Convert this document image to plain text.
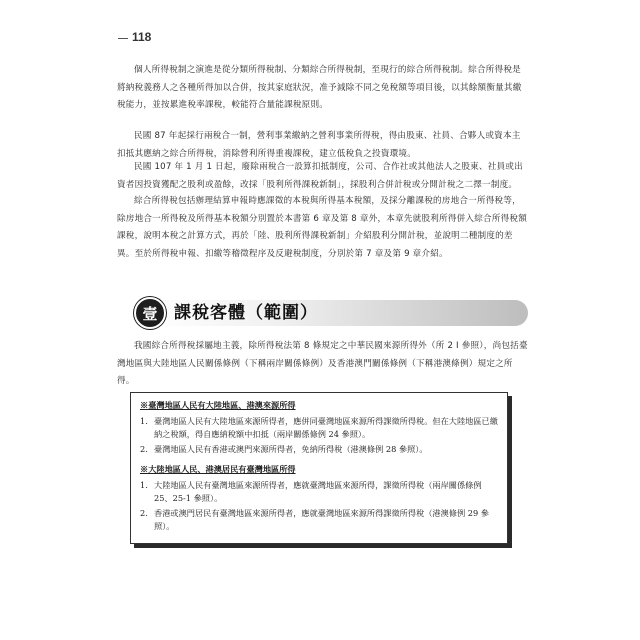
118

個人所得稅制之演進是從分類所得稅制、分類綜合所得稅制，至現行的綜合所得稅制。綜合所得稅是將納稅義務人之各種所得加以合併，按其家庭狀況，准予減除不同之免稅額等項目後，以其餘額衡量其繳稅能力，並按累進稅率課稅，較能符合量能課稅原則。

民國 87 年起採行兩稅合一制，營利事業繳納之營利事業所得稅，得由股東、社員、合夥人或資本主扣抵其應納之綜合所得稅，消除營利所得重複課稅，建立低稅負之投資環境。

民國 107 年 1 月 1 日起，廢除兩稅合一設算扣抵制度，公司、合作社或其他法人之股東、社員或出資者因投資獲配之股利或盈餘，改採「股利所得課稅新制」，採股利合併計稅或分開計稅之二擇一制度。

綜合所得稅包括辦理結算申報時應課徵的本稅與所得基本稅額，及採分離課稅的房地合一所得稅等，除房地合一所得稅及所得基本稅額分別置於本書第 6 章及第 8 章外，本章先就股利所得併入綜合所得稅額課稅，說明本稅之計算方式，再於「陸、股利所得課稅新制」介紹股利分開計稅，並說明二種制度的差異。至於所得稅申報、扣繳等稽徵程序及反避稅制度，分別於第 7 章及第 9 章介紹。

壹 課稅客體（範圍）

我國綜合所得稅採屬地主義，除所得稅法第 8 條規定之中華民國來源所得外（所 2 Ⅰ 參照），尚包括臺灣地區與大陸地區人民關係條例（下稱兩岸關係條例）及香港澳門關係條例（下稱港澳條例）規定之所得。

※臺灣地區人民有大陸地區、港澳來源所得
1. 臺灣地區人民有大陸地區來源所得者，應併同臺灣地區來源所得課徵所得稅。但在大陸地區已繳納之稅額，得自應納稅額中扣抵（兩岸關係條例 24 參照）。
2. 臺灣地區人民有香港或澳門來源所得者，免納所得稅（港澳條例 28 參照）。
※大陸地區人民、港澳居民有臺灣地區所得
1. 大陸地區人民有臺灣地區來源所得者，應就臺灣地區來源所得，課徵所得稅（兩岸關係條例 25、25-1 參照）。
2. 香港或澳門居民有臺灣地區來源所得者，應就臺灣地區來源所得課徵所得稅（港澳條例 29 參照）。
